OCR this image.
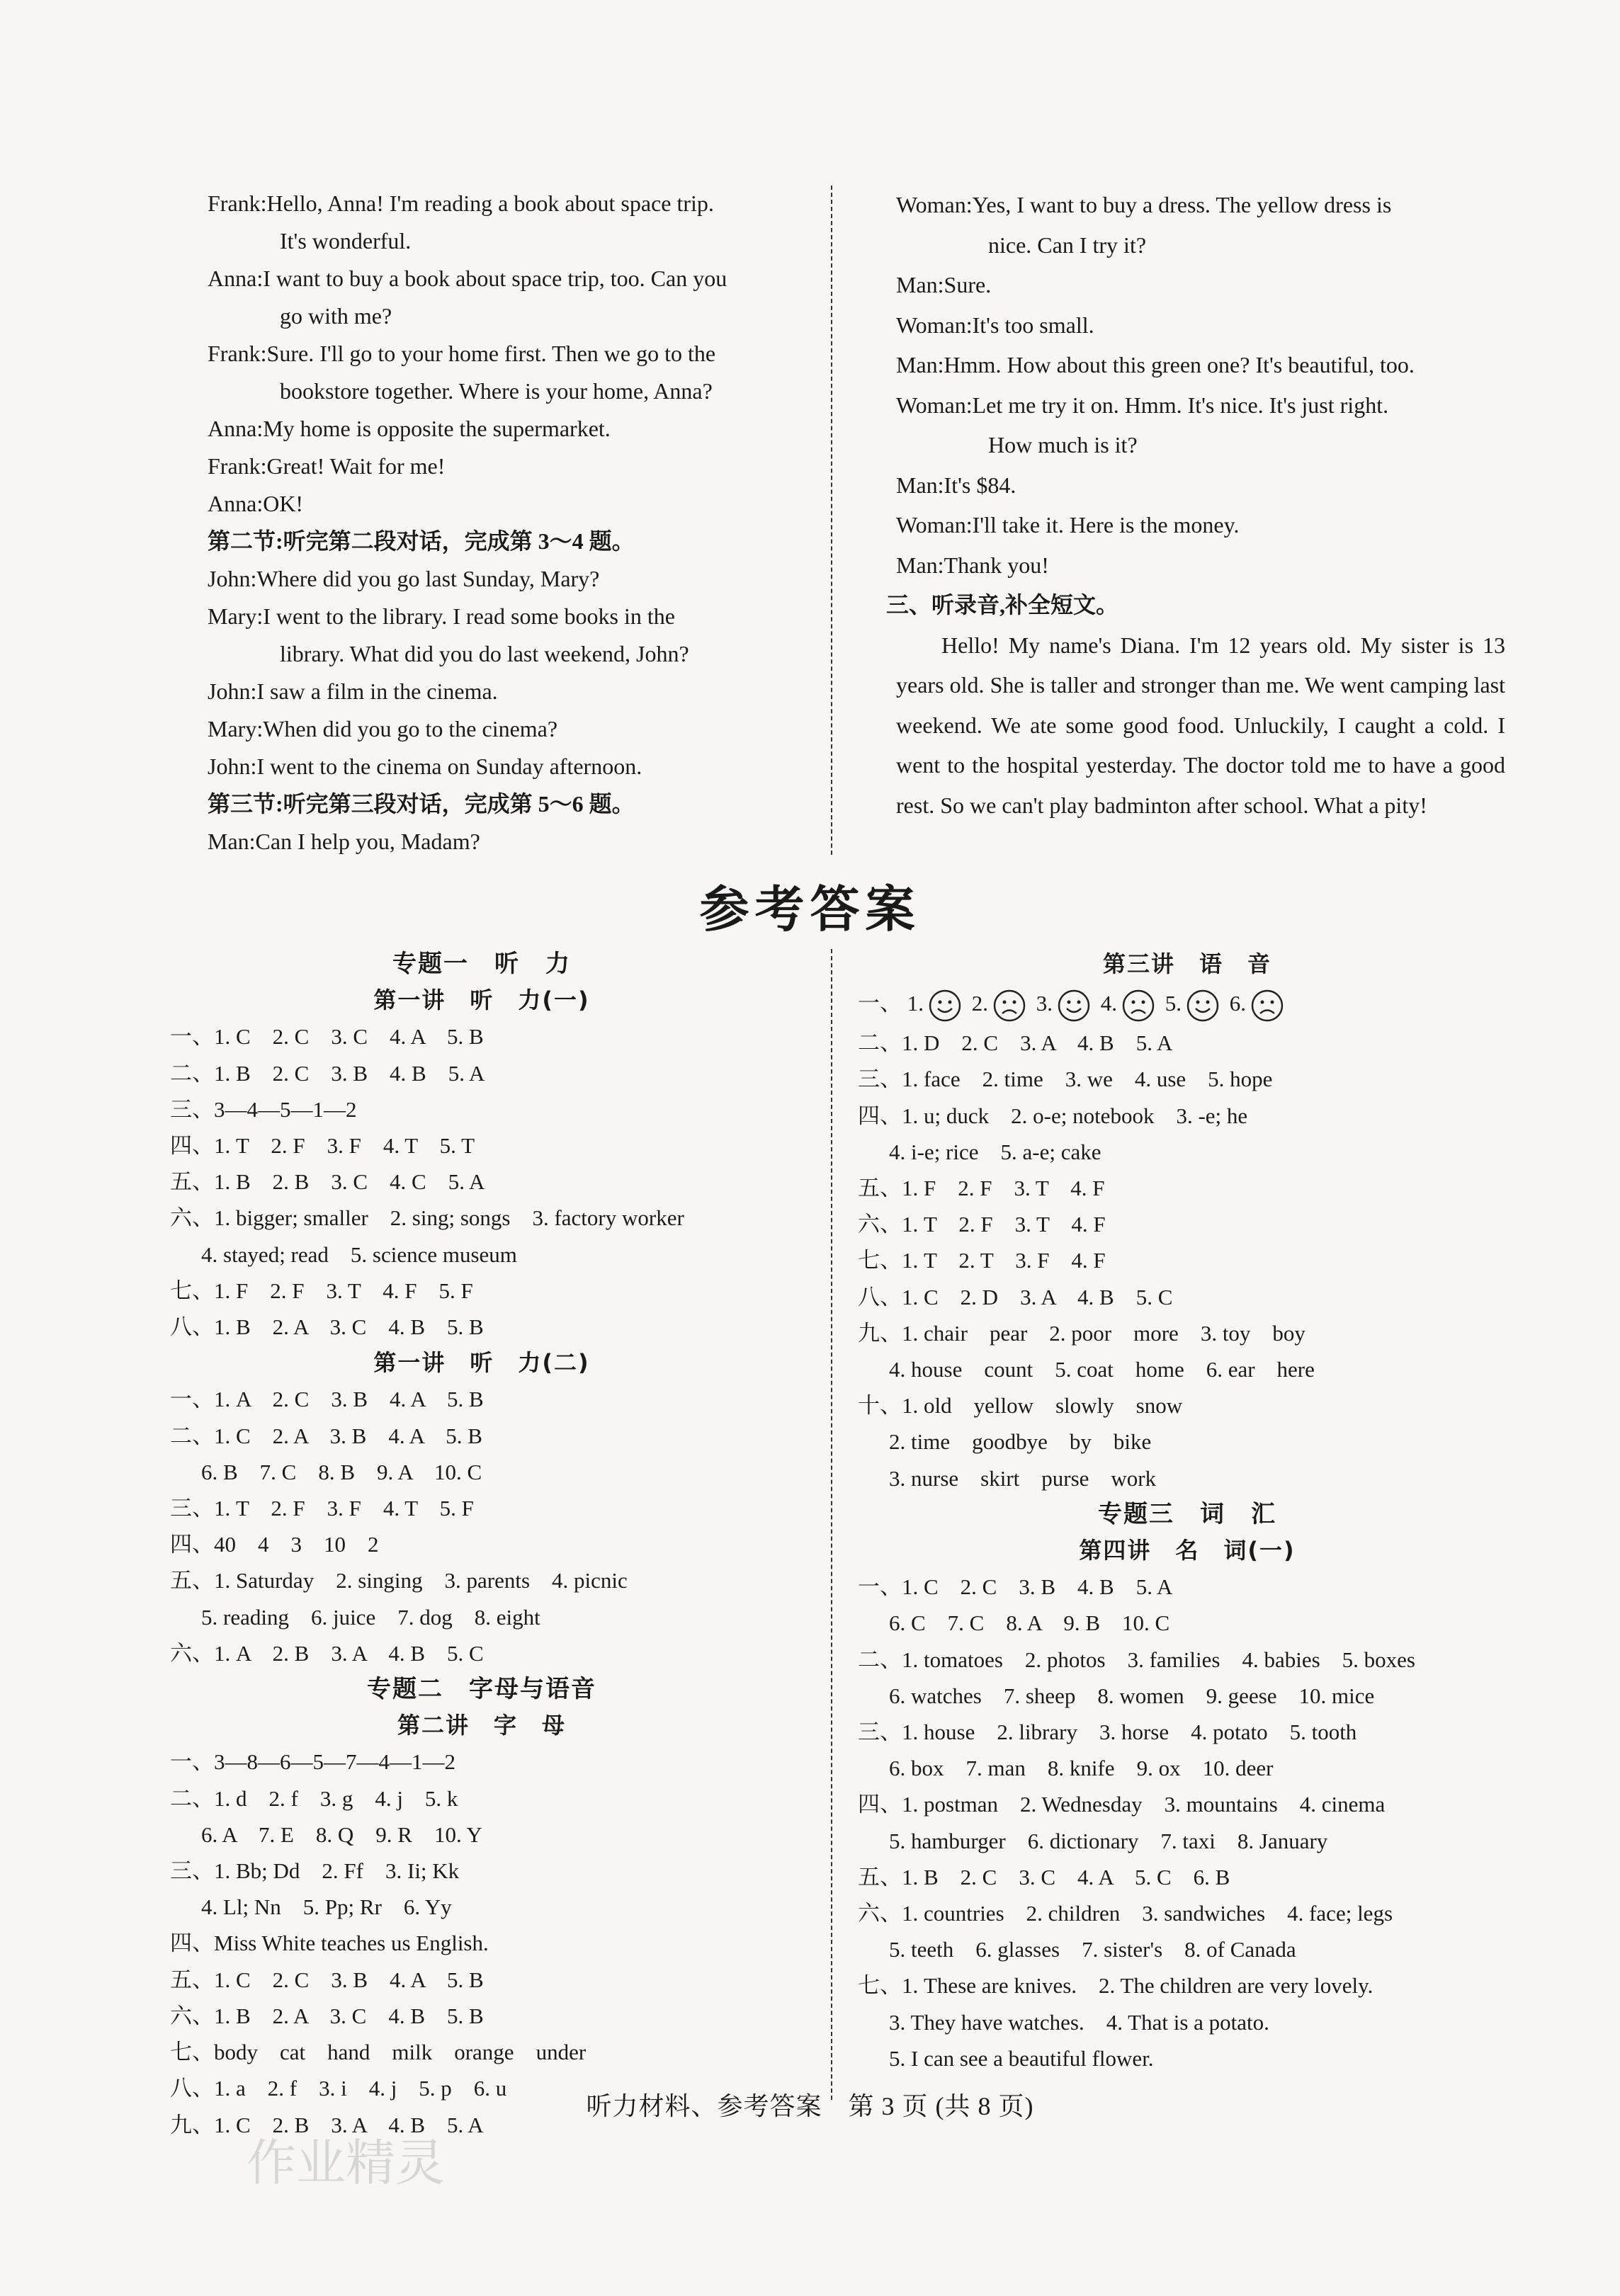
Frank:Hello, Anna! I'm reading a book about space trip.

It's wonderful.

Anna:I want to buy a book about space trip, too. Can you

go with me?

Frank:Sure. I'll go to your home first. Then we go to the

bookstore together. Where is your home, Anna?

Anna:My home is opposite the supermarket.

Frank:Great! Wait for me!

Anna:OK!

第二节:听完第二段对话，完成第 3～4 题。

John:Where did you go last Sunday, Mary?

Mary:I went to the library. I read some books in the

library. What did you do last weekend, John?

John:I saw a film in the cinema.

Mary:When did you go to the cinema?

John:I went to the cinema on Sunday afternoon.

第三节:听完第三段对话，完成第 5～6 题。

Man:Can I help you, Madam?

Woman:Yes, I want to buy a dress. The yellow dress is

nice. Can I try it?

Man:Sure.

Woman:It's too small.

Man:Hmm. How about this green one? It's beautiful, too.

Woman:Let me try it on. Hmm. It's nice. It's just right.

How much is it?

Man:It's $84.

Woman:I'll take it. Here is the money.

Man:Thank you!

三、听录音,补全短文。

Hello! My name's Diana. I'm 12 years old. My sister is 13 years old. She is taller and stronger than me. We went camping last weekend. We ate some good food. Unluckily, I caught a cold. I went to the hospital yesterday. The doctor told me to have a good rest. So we can't play badminton after school. What a pity!

参考答案

专题一　听　力

第一讲　听　力(一)

一、1. C　2. C　3. C　4. A　5. B

二、1. B　2. C　3. B　4. B　5. A

三、3—4—5—1—2

四、1. T　2. F　3. F　4. T　5. T

五、1. B　2. B　3. C　4. C　5. A

六、1. bigger; smaller　2. sing; songs　3. factory worker

4. stayed; read　5. science museum

七、1. F　2. F　3. T　4. F　5. F

八、1. B　2. A　3. C　4. B　5. B

第一讲　听　力(二)

一、1. A　2. C　3. B　4. A　5. B

二、1. C　2. A　3. B　4. A　5. B

6. B　7. C　8. B　9. A　10. C

三、1. T　2. F　3. F　4. T　5. F

四、40　4　3　10　2

五、1. Saturday　2. singing　3. parents　4. picnic

5. reading　6. juice　7. dog　8. eight

六、1. A　2. B　3. A　4. B　5. C

专题二　字母与语音

第二讲　字　母

一、3—8—6—5—7—4—1—2

二、1. d　2. f　3. g　4. j　5. k

6. A　7. E　8. Q　9. R　10. Y

三、1. Bb; Dd　2. Ff　3. Ii; Kk

4. Ll; Nn　5. Pp; Rr　6. Yy

四、Miss White teaches us English.

五、1. C　2. C　3. B　4. A　5. B

六、1. B　2. A　3. C　4. B　5. B

七、body　cat　hand　milk　orange　under

八、1. a　2. f　3. i　4. j　5. p　6. u

九、1. C　2. B　3. A　4. B　5. A

第三讲　语　音

一、 1. 2. 3. 4. 5. 6.

二、1. D　2. C　3. A　4. B　5. A

三、1. face　2. time　3. we　4. use　5. hope

四、1. u; duck　2. o-e; notebook　3. -e; he

4. i-e; rice　5. a-e; cake

五、1. F　2. F　3. T　4. F

六、1. T　2. F　3. T　4. F

七、1. T　2. T　3. F　4. F

八、1. C　2. D　3. A　4. B　5. C

九、1. chair　pear　2. poor　more　3. toy　boy

4. house　count　5. coat　home　6. ear　here

十、1. old　yellow　slowly　snow

2. time　goodbye　by　bike

3. nurse　skirt　purse　work

专题三　词　汇

第四讲　名　词(一)

一、1. C　2. C　3. B　4. B　5. A

6. C　7. C　8. A　9. B　10. C

二、1. tomatoes　2. photos　3. families　4. babies　5. boxes

6. watches　7. sheep　8. women　9. geese　10. mice

三、1. house　2. library　3. horse　4. potato　5. tooth

6. box　7. man　8. knife　9. ox　10. deer

四、1. postman　2. Wednesday　3. mountains　4. cinema

5. hamburger　6. dictionary　7. taxi　8. January

五、1. B　2. C　3. C　4. A　5. C　6. B

六、1. countries　2. children　3. sandwiches　4. face; legs

5. teeth　6. glasses　7. sister's　8. of Canada

七、1. These are knives.　2. The children are very lovely.

3. They have watches.　4. That is a potato.

5. I can see a beautiful flower.

作业精灵
听力材料、参考答案　第 3 页 (共 8 页)
